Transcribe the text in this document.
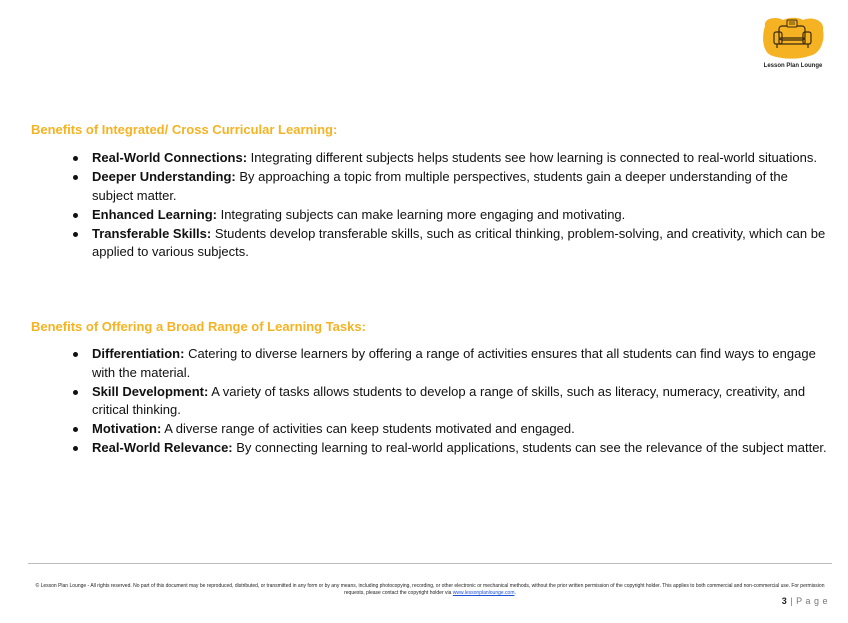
Lesson Plan Lounge
Benefits of Integrated/ Cross Curricular Learning:
Real-World Connections: Integrating different subjects helps students see how learning is connected to real-world situations.
Deeper Understanding: By approaching a topic from multiple perspectives, students gain a deeper understanding of the subject matter.
Enhanced Learning: Integrating subjects can make learning more engaging and motivating.
Transferable Skills: Students develop transferable skills, such as critical thinking, problem-solving, and creativity, which can be applied to various subjects.
Benefits of Offering a Broad Range of Learning Tasks:
Differentiation: Catering to diverse learners by offering a range of activities ensures that all students can find ways to engage with the material.
Skill Development: A variety of tasks allows students to develop a range of skills, such as literacy, numeracy, creativity, and critical thinking.
Motivation: A diverse range of activities can keep students motivated and engaged.
Real-World Relevance: By connecting learning to real-world applications, students can see the relevance of the subject matter.
© Lesson Plan Lounge - All rights reserved. No part of this document may be reproduced, distributed, or transmitted in any form or by any means, including photocopying, recording, or other electronic or mechanical methods, without the prior written permission of the copyright holder. This applies to both commercial and non-commercial use. For permission requests, please contact the copyright holder via www.lessonplanlounge.com.
3 | P a g e
